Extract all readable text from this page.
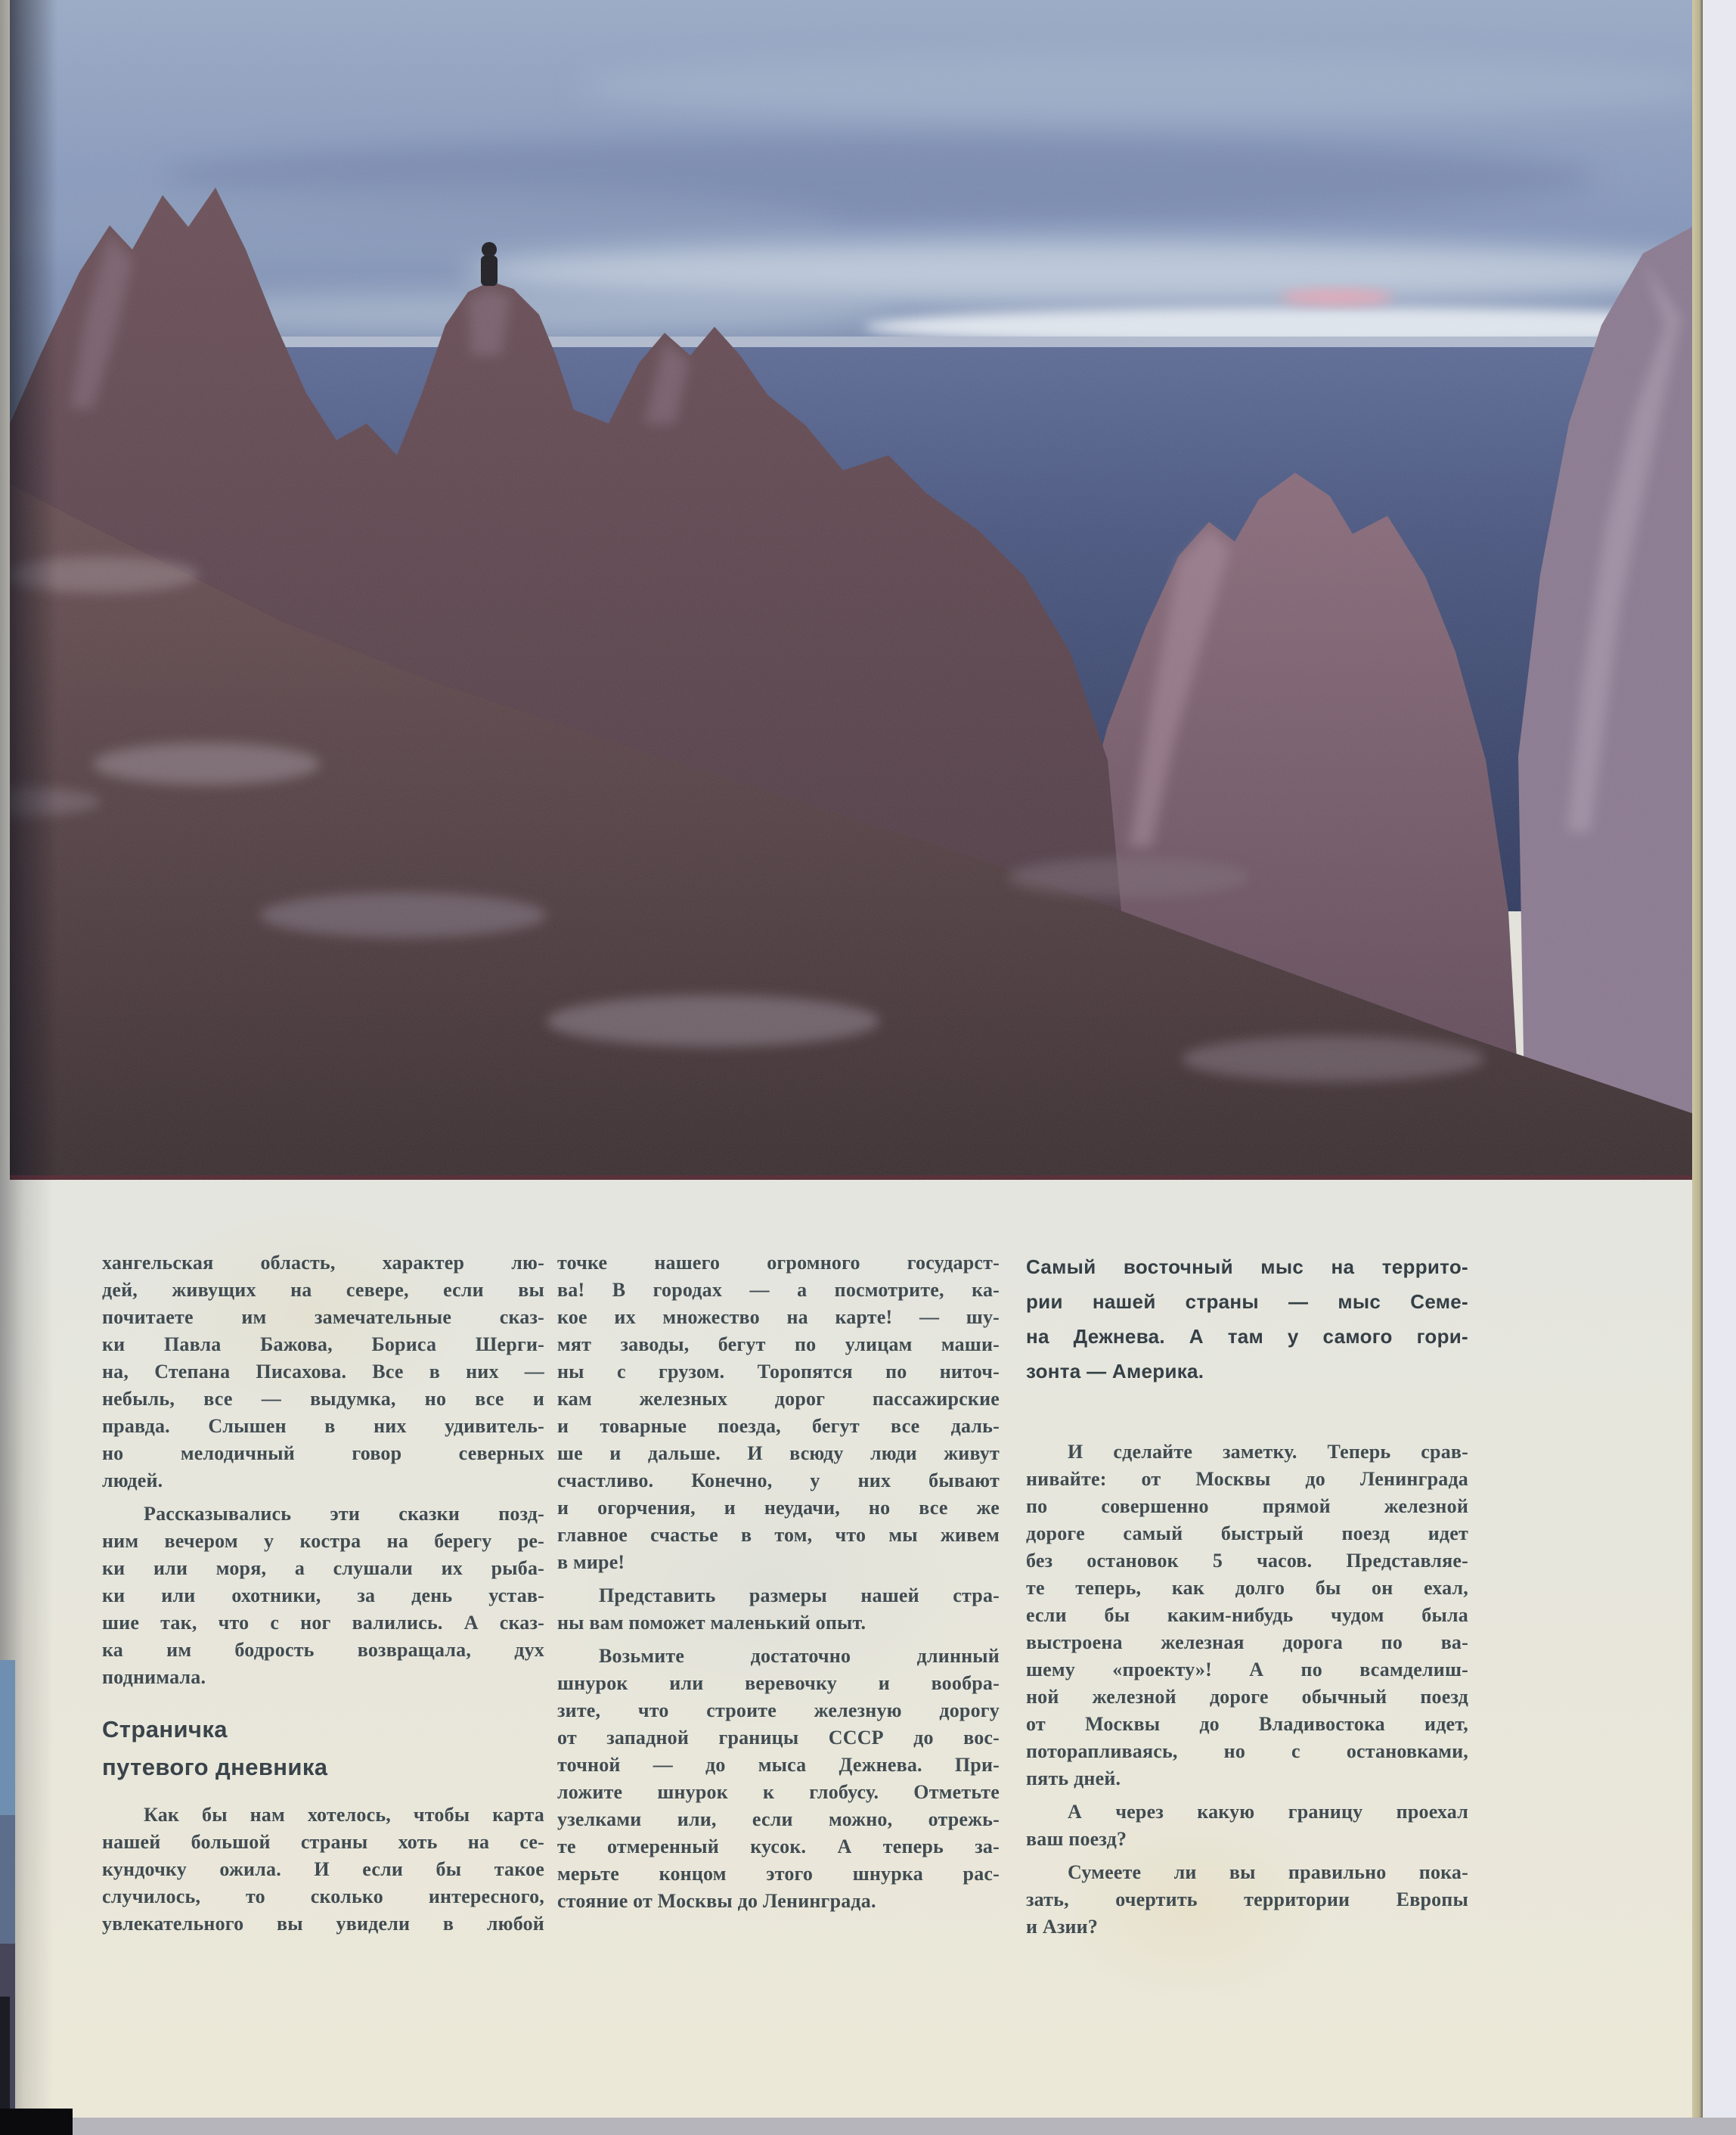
хангельская область, характер лю-
дей, живущих на севере, если вы
почитаете им замечательные сказ-
ки Павла Бажова, Бориса Шерги-
на, Степана Писахова. Все в них —
небыль, все — выдумка, но все и
правда. Слышен в них удивитель-
но мелодичный говор северных
людей.
Рассказывались эти сказки позд-
ним вечером у костра на берегу ре-
ки или моря, а слушали их рыба-
ки или охотники, за день устав-
шие так, что с ног валились. А сказ-
ка им бодрость возвращала, дух
поднимала.
Страничка
путевого дневника
Как бы нам хотелось, чтобы карта
нашей большой страны хоть на се-
кундочку ожила. И если бы такое
случилось, то сколько интересного,
увлекательного вы увидели в любой
точке нашего огромного государст-
ва! В городах — а посмотрите, ка-
кое их множество на карте! — шу-
мят заводы, бегут по улицам маши-
ны с грузом. Торопятся по ниточ-
кам железных дорог пассажирские
и товарные поезда, бегут все даль-
ше и дальше. И всюду люди живут
счастливо. Конечно, у них бывают
и огорчения, и неудачи, но все же
главное счастье в том, что мы живем
в мире!
Представить размеры нашей стра-
ны вам поможет маленький опыт.
Возьмите достаточно длинный
шнурок или веревочку и вообра-
зите, что строите железную дорогу
от западной границы СССР до вос-
точной — до мыса Дежнева. При-
ложите шнурок к глобусу. Отметьте
узелками или, если можно, отрежь-
те отмеренный кусок. А теперь за-
мерьте концом этого шнурка рас-
стояние от Москвы до Ленинграда.
Самый восточный мыс на террито-
рии нашей страны — мыс Семе-
на Дежнева. А там у самого гори-
зонта — Америка.
И сделайте заметку. Теперь срав-
нивайте: от Москвы до Ленинграда
по совершенно прямой железной
дороге самый быстрый поезд идет
без остановок 5 часов. Представляе-
те теперь, как долго бы он ехал,
если бы каким-нибудь чудом была
выстроена железная дорога по ва-
шему «проекту»! А по всамделиш-
ной железной дороге обычный поезд
от Москвы до Владивостока идет,
поторапливаясь, но с остановками,
пять дней.
А через какую границу проехал
ваш поезд?
Сумеете ли вы правильно пока-
зать, очертить территории Европы
и Азии?
